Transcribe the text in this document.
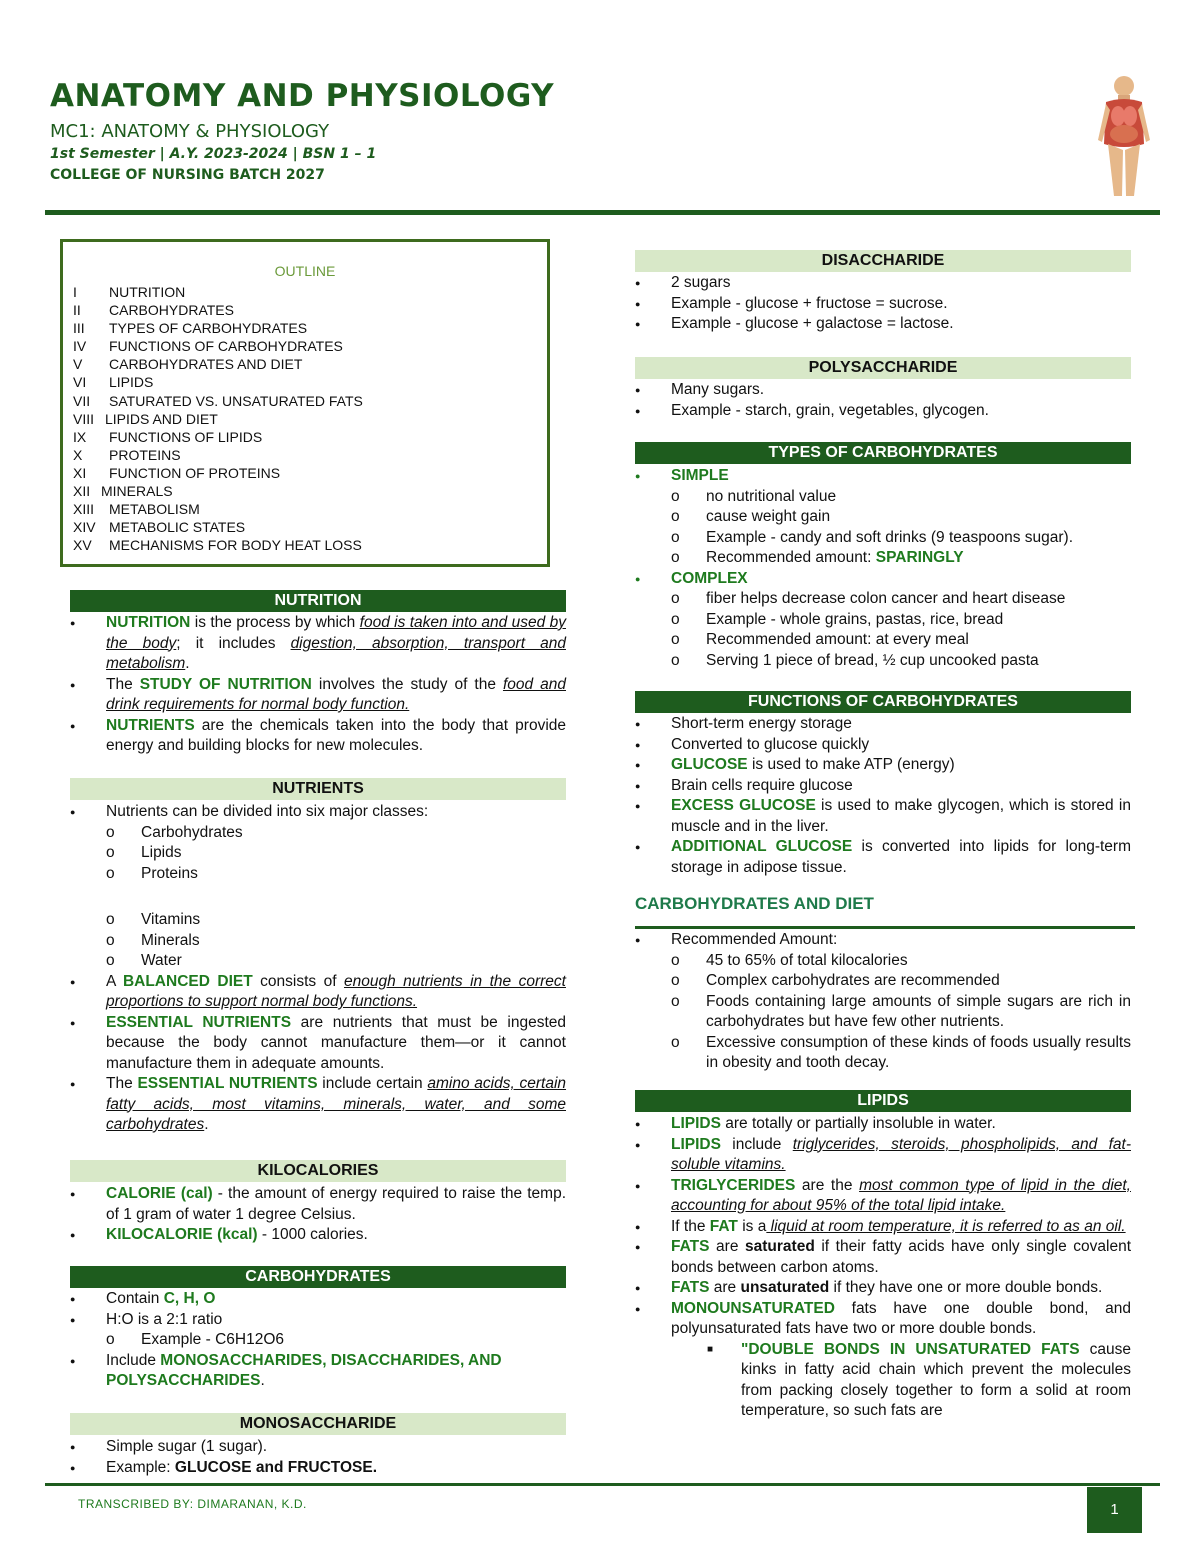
ANATOMY AND PHYSIOLOGY
MC1: ANATOMY & PHYSIOLOGY
1st Semester | A.Y. 2023-2024 | BSN 1 – 1
COLLEGE OF NURSING BATCH 2027
OUTLINE
I	NUTRITION
II	CARBOHYDRATES
III	TYPES OF CARBOHYDRATES
IV	FUNCTIONS OF CARBOHYDRATES
V	CARBOHYDRATES AND DIET
VI	LIPIDS
VII	SATURATED VS. UNSATURATED FATS
VIII LIPIDS AND DIET
IX	FUNCTIONS OF LIPIDS
X	PROTEINS
XI	FUNCTION OF PROTEINS
XII MINERALS
XIII	METABOLISM
XIV METABOLIC STATES
XV	MECHANISMS FOR BODY HEAT LOSS
NUTRITION
● NUTRITION is the process by which food is taken into and used by the body; it includes digestion, absorption, transport and metabolism.
● The STUDY OF NUTRITION involves the study of the food and drink requirements for normal body function.
● NUTRIENTS are the chemicals taken into the body that provide energy and building blocks for new molecules.
NUTRIENTS
● Nutrients can be divided into six major classes:
o Carbohydrates
o Lipids
o Proteins
o Vitamins
o Minerals
o Water
● A BALANCED DIET consists of enough nutrients in the correct proportions to support normal body functions.
● ESSENTIAL NUTRIENTS are nutrients that must be ingested because the body cannot manufacture them—or it cannot manufacture them in adequate amounts.
● The ESSENTIAL NUTRIENTS include certain amino acids, certain fatty acids, most vitamins, minerals, water, and some carbohydrates.
KILOCALORIES
● CALORIE (cal) - the amount of energy required to raise the temp. of 1 gram of water 1 degree Celsius.
● KILOCALORIE (kcal) - 1000 calories.
CARBOHYDRATES
● Contain C, H, O
● H:O is a 2:1 ratio
o Example - C6H12O6
● Include MONOSACCHARIDES, DISACCHARIDES, AND POLYSACCHARIDES.
MONOSACCHARIDE
● Simple sugar (1 sugar).
● Example: GLUCOSE and FRUCTOSE.
DISACCHARIDE
● 2 sugars
● Example - glucose + fructose = sucrose.
● Example - glucose + galactose = lactose.
POLYSACCHARIDE
● Many sugars.
● Example - starch, grain, vegetables, glycogen.
TYPES OF CARBOHYDRATES
● SIMPLE
o no nutritional value
o cause weight gain
o Example - candy and soft drinks (9 teaspoons sugar).
o Recommended amount: SPARINGLY
● COMPLEX
o fiber helps decrease colon cancer and heart disease
o Example - whole grains, pastas, rice, bread
o Recommended amount: at every meal
o Serving 1 piece of bread, ½ cup uncooked pasta
FUNCTIONS OF CARBOHYDRATES
● Short-term energy storage
● Converted to glucose quickly
● GLUCOSE is used to make ATP (energy)
● Brain cells require glucose
● EXCESS GLUCOSE is used to make glycogen, which is stored in muscle and in the liver.
● ADDITIONAL GLUCOSE is converted into lipids for long-term storage in adipose tissue.
CARBOHYDRATES AND DIET
● Recommended Amount:
o 45 to 65% of total kilocalories
o Complex carbohydrates are recommended
o Foods containing large amounts of simple sugars are rich in carbohydrates but have few other nutrients.
o Excessive consumption of these kinds of foods usually results in obesity and tooth decay.
LIPIDS
● LIPIDS are totally or partially insoluble in water.
● LIPIDS include triglycerides, steroids, phospholipids, and fat-soluble vitamins.
● TRIGLYCERIDES are the most common type of lipid in the diet, accounting for about 95% of the total lipid intake.
● If the FAT is a liquid at room temperature, it is referred to as an oil.
● FATS are saturated if their fatty acids have only single covalent bonds between carbon atoms.
● FATS are unsaturated if they have one or more double bonds.
● MONOUNSATURATED fats have one double bond, and polyunsaturated fats have two or more double bonds.
■ "DOUBLE BONDS IN UNSATURATED FATS cause kinks in fatty acid chain which prevent the molecules from packing closely together to form a solid at room temperature, so such fats are
TRANSCRIBED BY: DIMARANAN, K.D.	1
